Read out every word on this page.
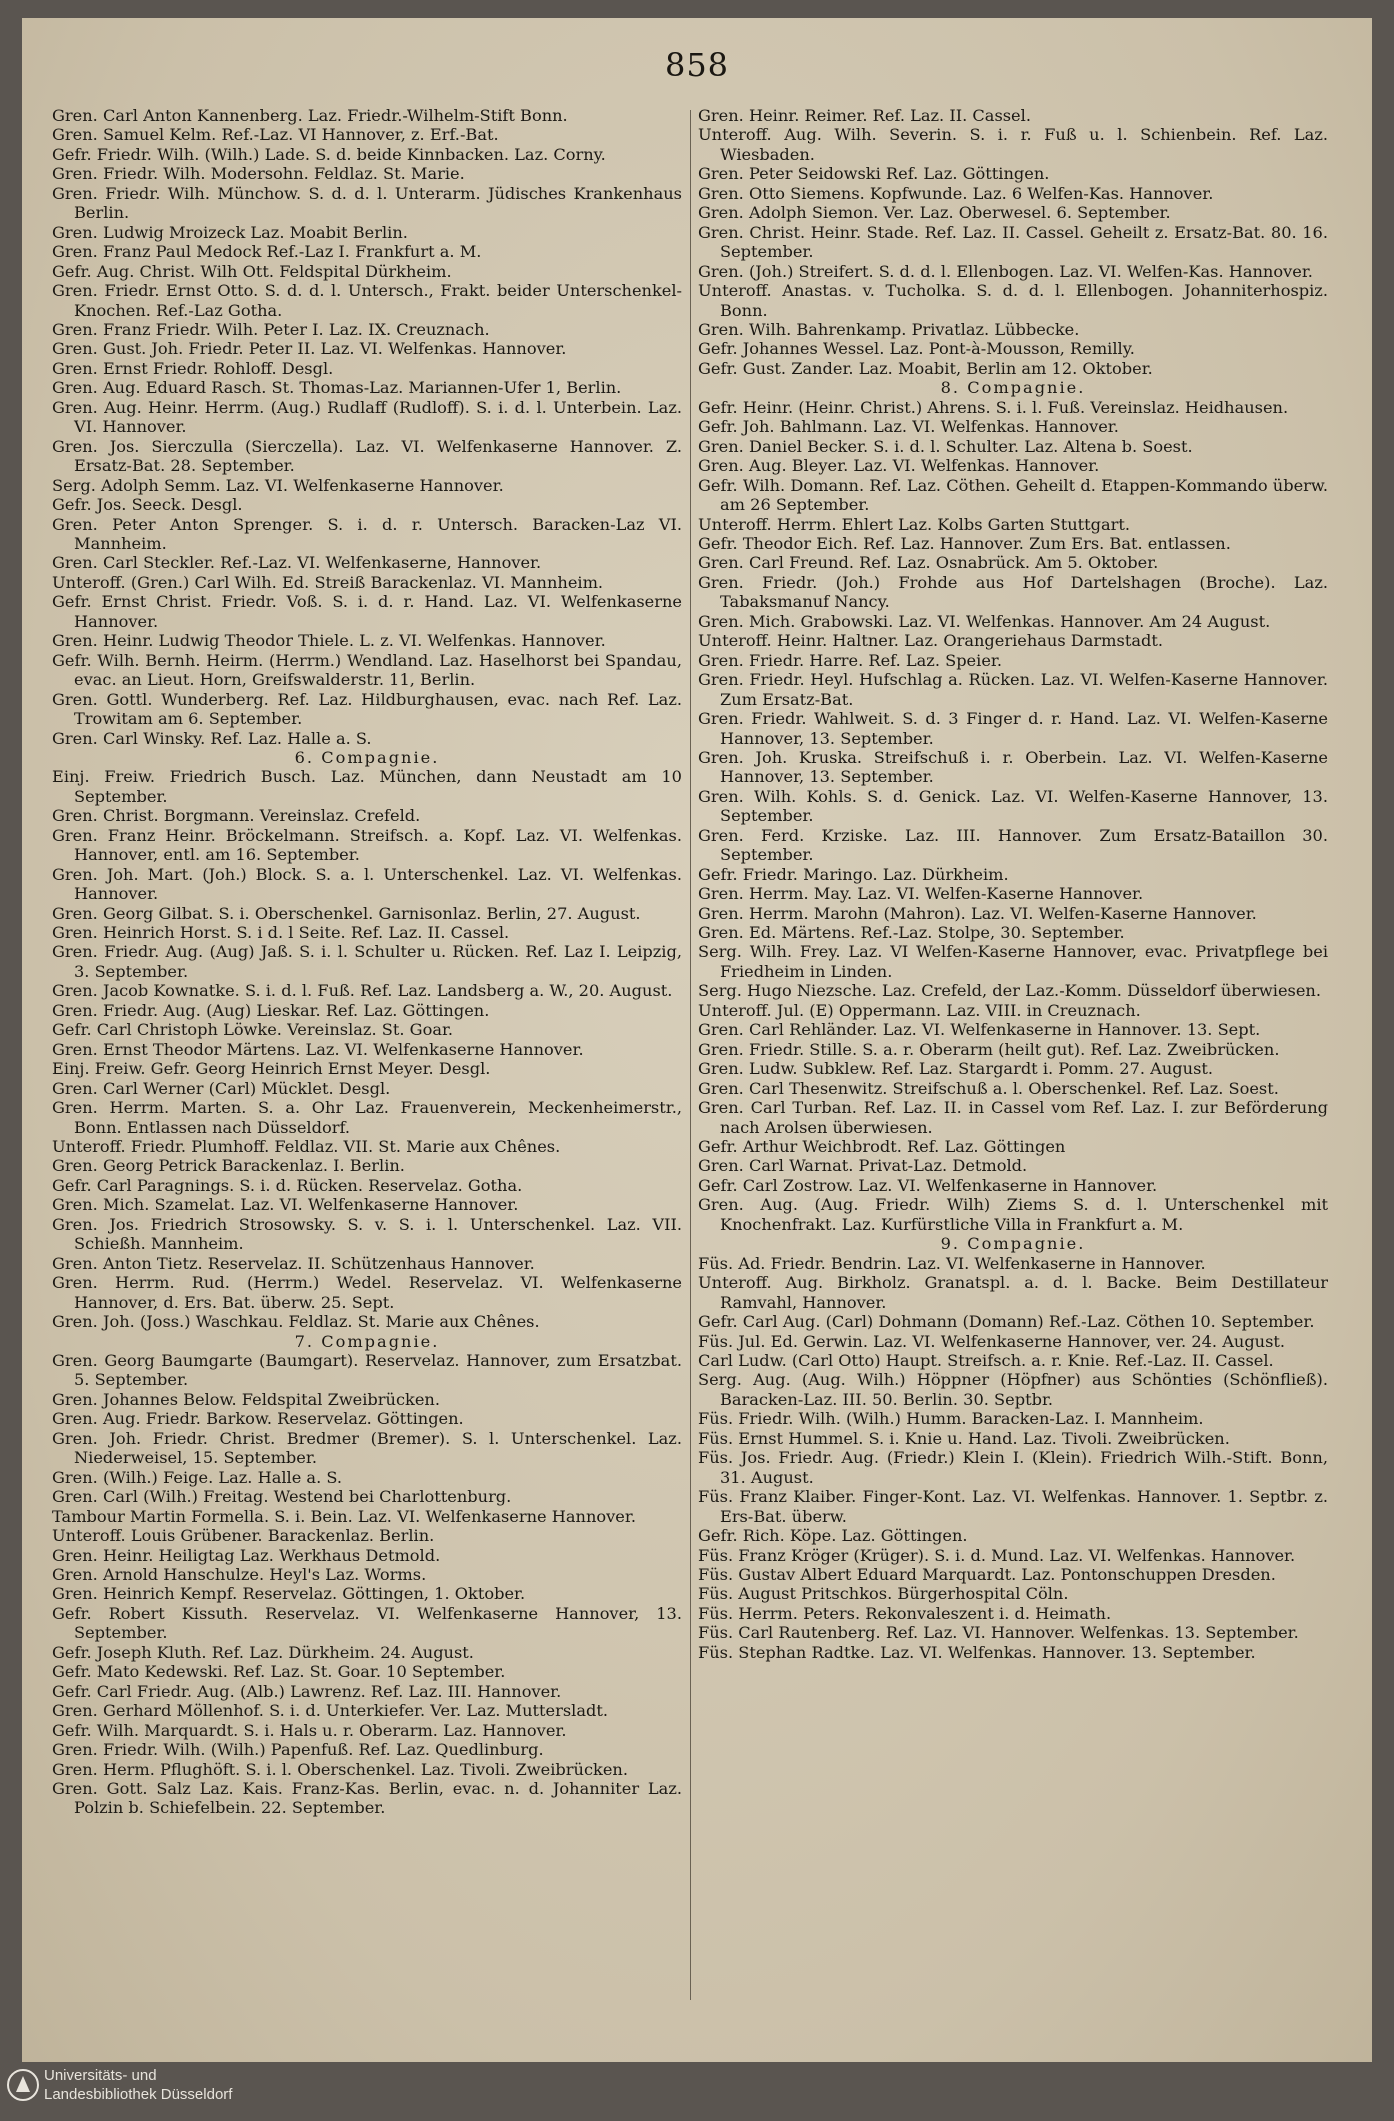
858

Gren. Carl Anton Kannenberg. Laz. Friedr.-Wilhelm-Stift Bonn.

Gren. Samuel Kelm. Ref.-Laz. VI Hannover, z. Erf.-Bat.

Gefr. Friedr. Wilh. (Wilh.) Lade. S. d. beide Kinnbacken. Laz. Corny.

Gren. Friedr. Wilh. Modersohn. Feldlaz. St. Marie.

Gren. Friedr. Wilh. Münchow. S. d. d. l. Unterarm. Jüdisches Krankenhaus Berlin.

Gren. Ludwig Mroizeck Laz. Moabit Berlin.

Gren. Franz Paul Medock Ref.-Laz I. Frankfurt a. M.

Gefr. Aug. Christ. Wilh Ott. Feldspital Dürkheim.

Gren. Friedr. Ernst Otto. S. d. d. l. Untersch., Frakt. beider Unterschenkel-Knochen. Ref.-Laz Gotha.

Gren. Franz Friedr. Wilh. Peter I. Laz. IX. Creuznach.

Gren. Gust. Joh. Friedr. Peter II. Laz. VI. Welfenkas. Hannover.

Gren. Ernst Friedr. Rohloff. Desgl.

Gren. Aug. Eduard Rasch. St. Thomas-Laz. Mariannen-Ufer 1, Berlin.

Gren. Aug. Heinr. Herrm. (Aug.) Rudlaff (Rudloff). S. i. d. l. Unterbein. Laz. VI. Hannover.

Gren. Jos. Sierczulla (Sierczella). Laz. VI. Welfenkaserne Hannover. Z. Ersatz-Bat. 28. September.

Serg. Adolph Semm. Laz. VI. Welfenkaserne Hannover.

Gefr. Jos. Seeck. Desgl.

Gren. Peter Anton Sprenger. S. i. d. r. Untersch. Baracken-Laz VI. Mannheim.

Gren. Carl Steckler. Ref.-Laz. VI. Welfenkaserne, Hannover.

Unteroff. (Gren.) Carl Wilh. Ed. Streiß Barackenlaz. VI. Mannheim.

Gefr. Ernst Christ. Friedr. Voß. S. i. d. r. Hand. Laz. VI. Welfenkaserne Hannover.

Gren. Heinr. Ludwig Theodor Thiele. L. z. VI. Welfenkas. Hannover.

Gefr. Wilh. Bernh. Heirm. (Herrm.) Wendland. Laz. Haselhorst bei Spandau, evac. an Lieut. Horn, Greifswalderstr. 11, Berlin.

Gren. Gottl. Wunderberg. Ref. Laz. Hildburghausen, evac. nach Ref. Laz. Trowitam am 6. September.

Gren. Carl Winsky. Ref. Laz. Halle a. S.

6. Compagnie.

Einj. Freiw. Friedrich Busch. Laz. München, dann Neustadt am 10 September.

Gren. Christ. Borgmann. Vereinslaz. Crefeld.

Gren. Franz Heinr. Bröckelmann. Streifsch. a. Kopf. Laz. VI. Welfenkas. Hannover, entl. am 16. September.

Gren. Joh. Mart. (Joh.) Block. S. a. l. Unterschenkel. Laz. VI. Welfenkas. Hannover.

Gren. Georg Gilbat. S. i. Oberschenkel. Garnisonlaz. Berlin, 27. August.

Gren. Heinrich Horst. S. i d. l Seite. Ref. Laz. II. Cassel.

Gren. Friedr. Aug. (Aug) Jaß. S. i. l. Schulter u. Rücken. Ref. Laz I. Leipzig, 3. September.

Gren. Jacob Kownatke. S. i. d. l. Fuß. Ref. Laz. Landsberg a. W., 20. August.

Gren. Friedr. Aug. (Aug) Lieskar. Ref. Laz. Göttingen.

Gefr. Carl Christoph Löwke. Vereinslaz. St. Goar.

Gren. Ernst Theodor Märtens. Laz. VI. Welfenkaserne Hannover.

Einj. Freiw. Gefr. Georg Heinrich Ernst Meyer. Desgl.

Gren. Carl Werner (Carl) Mücklet. Desgl.

Gren. Herrm. Marten. S. a. Ohr Laz. Frauenverein, Meckenheimerstr., Bonn. Entlassen nach Düsseldorf.

Unteroff. Friedr. Plumhoff. Feldlaz. VII. St. Marie aux Chênes.

Gren. Georg Petrick Barackenlaz. I. Berlin.

Gefr. Carl Paragnings. S. i. d. Rücken. Reservelaz. Gotha.

Gren. Mich. Szamelat. Laz. VI. Welfenkaserne Hannover.

Gren. Jos. Friedrich Strosowsky. S. v. S. i. l. Unterschenkel. Laz. VII. Schießh. Mannheim.

Gren. Anton Tietz. Reservelaz. II. Schützenhaus Hannover.

Gren. Herrm. Rud. (Herrm.) Wedel. Reservelaz. VI. Welfenkaserne Hannover, d. Ers. Bat. überw. 25. Sept.

Gren. Joh. (Joss.) Waschkau. Feldlaz. St. Marie aux Chênes.

7. Compagnie.

Gren. Georg Baumgarte (Baumgart). Reservelaz. Hannover, zum Ersatzbat. 5. September.

Gren. Johannes Below. Feldspital Zweibrücken.

Gren. Aug. Friedr. Barkow. Reservelaz. Göttingen.

Gren. Joh. Friedr. Christ. Bredmer (Bremer). S. l. Unterschenkel. Laz. Niederweisel, 15. September.

Gren. (Wilh.) Feige. Laz. Halle a. S.

Gren. Carl (Wilh.) Freitag. Westend bei Charlottenburg.

Tambour Martin Formella. S. i. Bein. Laz. VI. Welfenkaserne Hannover.

Unteroff. Louis Grübener. Barackenlaz. Berlin.

Gren. Heinr. Heiligtag Laz. Werkhaus Detmold.

Gren. Arnold Hanschulze. Heyl's Laz. Worms.

Gren. Heinrich Kempf. Reservelaz. Göttingen, 1. Oktober.

Gefr. Robert Kissuth. Reservelaz. VI. Welfenkaserne Hannover, 13. September.

Gefr. Joseph Kluth. Ref. Laz. Dürkheim. 24. August.

Gefr. Mato Kedewski. Ref. Laz. St. Goar. 10 September.

Gefr. Carl Friedr. Aug. (Alb.) Lawrenz. Ref. Laz. III. Hannover.

Gren. Gerhard Möllenhof. S. i. d. Unterkiefer. Ver. Laz. Muttersladt.

Gefr. Wilh. Marquardt. S. i. Hals u. r. Oberarm. Laz. Hannover.

Gren. Friedr. Wilh. (Wilh.) Papenfuß. Ref. Laz. Quedlinburg.

Gren. Herm. Pflughöft. S. i. l. Oberschenkel. Laz. Tivoli. Zweibrücken.

Gren. Gott. Salz Laz. Kais. Franz-Kas. Berlin, evac. n. d. Johanniter Laz. Polzin b. Schiefelbein. 22. September.

Gren. Heinr. Reimer. Ref. Laz. II. Cassel.

Unteroff. Aug. Wilh. Severin. S. i. r. Fuß u. l. Schienbein. Ref. Laz. Wiesbaden.

Gren. Peter Seidowski Ref. Laz. Göttingen.

Gren. Otto Siemens. Kopfwunde. Laz. 6 Welfen-Kas. Hannover.

Gren. Adolph Siemon. Ver. Laz. Oberwesel. 6. September.

Gren. Christ. Heinr. Stade. Ref. Laz. II. Cassel. Geheilt z. Ersatz-Bat. 80. 16. September.

Gren. (Joh.) Streifert. S. d. d. l. Ellenbogen. Laz. VI. Welfen-Kas. Hannover.

Unteroff. Anastas. v. Tucholka. S. d. d. l. Ellenbogen. Johanniterhospiz. Bonn.

Gren. Wilh. Bahrenkamp. Privatlaz. Lübbecke.

Gefr. Johannes Wessel. Laz. Pont-à-Mousson, Remilly.

Gefr. Gust. Zander. Laz. Moabit, Berlin am 12. Oktober.

8. Compagnie.

Gefr. Heinr. (Heinr. Christ.) Ahrens. S. i. l. Fuß. Vereinslaz. Heidhausen.

Gefr. Joh. Bahlmann. Laz. VI. Welfenkas. Hannover.

Gren. Daniel Becker. S. i. d. l. Schulter. Laz. Altena b. Soest.

Gren. Aug. Bleyer. Laz. VI. Welfenkas. Hannover.

Gefr. Wilh. Domann. Ref. Laz. Cöthen. Geheilt d. Etappen-Kommando überw. am 26 September.

Unteroff. Herrm. Ehlert Laz. Kolbs Garten Stuttgart.

Gefr. Theodor Eich. Ref. Laz. Hannover. Zum Ers. Bat. entlassen.

Gren. Carl Freund. Ref. Laz. Osnabrück. Am 5. Oktober.

Gren. Friedr. (Joh.) Frohde aus Hof Dartelshagen (Broche). Laz. Tabaksmanuf Nancy.

Gren. Mich. Grabowski. Laz. VI. Welfenkas. Hannover. Am 24 August.

Unteroff. Heinr. Haltner. Laz. Orangeriehaus Darmstadt.

Gren. Friedr. Harre. Ref. Laz. Speier.

Gren. Friedr. Heyl. Hufschlag a. Rücken. Laz. VI. Welfen-Kaserne Hannover. Zum Ersatz-Bat.

Gren. Friedr. Wahlweit. S. d. 3 Finger d. r. Hand. Laz. VI. Welfen-Kaserne Hannover, 13. September.

Gren. Joh. Kruska. Streifschuß i. r. Oberbein. Laz. VI. Welfen-Kaserne Hannover, 13. September.

Gren. Wilh. Kohls. S. d. Genick. Laz. VI. Welfen-Kaserne Hannover, 13. September.

Gren. Ferd. Krziske. Laz. III. Hannover. Zum Ersatz-Bataillon 30. September.

Gefr. Friedr. Maringo. Laz. Dürkheim.

Gren. Herrm. May. Laz. VI. Welfen-Kaserne Hannover.

Gren. Herrm. Marohn (Mahron). Laz. VI. Welfen-Kaserne Hannover.

Gren. Ed. Märtens. Ref.-Laz. Stolpe, 30. September.

Serg. Wilh. Frey. Laz. VI Welfen-Kaserne Hannover, evac. Privatpflege bei Friedheim in Linden.

Serg. Hugo Niezsche. Laz. Crefeld, der Laz.-Komm. Düsseldorf überwiesen.

Unteroff. Jul. (E) Oppermann. Laz. VIII. in Creuznach.

Gren. Carl Rehländer. Laz. VI. Welfenkaserne in Hannover. 13. Sept.

Gren. Friedr. Stille. S. a. r. Oberarm (heilt gut). Ref. Laz. Zweibrücken.

Gren. Ludw. Subklew. Ref. Laz. Stargardt i. Pomm. 27. August.

Gren. Carl Thesenwitz. Streifschuß a. l. Oberschenkel. Ref. Laz. Soest.

Gren. Carl Turban. Ref. Laz. II. in Cassel vom Ref. Laz. I. zur Beförderung nach Arolsen überwiesen.

Gefr. Arthur Weichbrodt. Ref. Laz. Göttingen

Gren. Carl Warnat. Privat-Laz. Detmold.

Gefr. Carl Zostrow. Laz. VI. Welfenkaserne in Hannover.

Gren. Aug. (Aug. Friedr. Wilh) Ziems S. d. l. Unterschenkel mit Knochenfrakt. Laz. Kurfürstliche Villa in Frankfurt a. M.

9. Compagnie.

Füs. Ad. Friedr. Bendrin. Laz. VI. Welfenkaserne in Hannover.

Unteroff. Aug. Birkholz. Granatspl. a. d. l. Backe. Beim Destillateur Ramvahl, Hannover.

Gefr. Carl Aug. (Carl) Dohmann (Domann) Ref.-Laz. Cöthen 10. September.

Füs. Jul. Ed. Gerwin. Laz. VI. Welfenkaserne Hannover, ver. 24. August.

Carl Ludw. (Carl Otto) Haupt. Streifsch. a. r. Knie. Ref.-Laz. II. Cassel.

Serg. Aug. (Aug. Wilh.) Höppner (Höpfner) aus Schönties (Schönfließ). Baracken-Laz. III. 50. Berlin. 30. Septbr.

Füs. Friedr. Wilh. (Wilh.) Humm. Baracken-Laz. I. Mannheim.

Füs. Ernst Hummel. S. i. Knie u. Hand. Laz. Tivoli. Zweibrücken.

Füs. Jos. Friedr. Aug. (Friedr.) Klein I. (Klein). Friedrich Wilh.-Stift. Bonn, 31. August.

Füs. Franz Klaiber. Finger-Kont. Laz. VI. Welfenkas. Hannover. 1. Septbr. z. Ers-Bat. überw.

Gefr. Rich. Köpe. Laz. Göttingen.

Füs. Franz Kröger (Krüger). S. i. d. Mund. Laz. VI. Welfenkas. Hannover.

Füs. Gustav Albert Eduard Marquardt. Laz. Pontonschuppen Dresden.

Füs. August Pritschkos. Bürgerhospital Cöln.

Füs. Herrm. Peters. Rekonvaleszent i. d. Heimath.

Füs. Carl Rautenberg. Ref. Laz. VI. Hannover. Welfenkas. 13. September.

Füs. Stephan Radtke. Laz. VI. Welfenkas. Hannover. 13. September.

Universitäts- und
Landesbibliothek Düsseldorf
